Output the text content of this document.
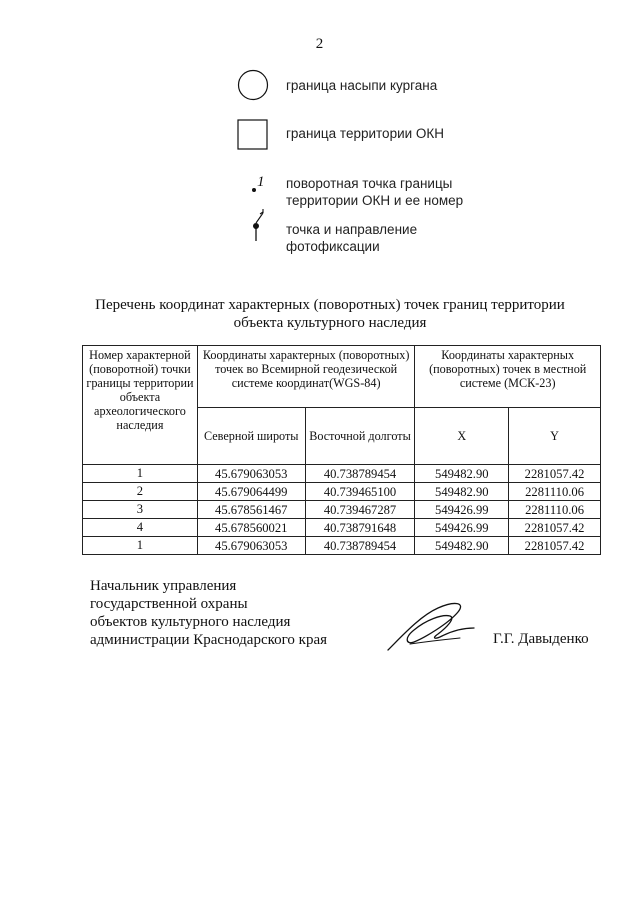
2
граница насыпи кургана
граница территории ОКН
1 поворотная точка границы
территории ОКН и ее номер
точка и направление
фотофиксации
Перечень координат характерных (поворотных) точек границ территории
объекта культурного наследия
Номер характерной (поворотной) точки границы территории объекта археологического наследия	Координаты характерных (поворотных) точек во Всемирной геодезической системе координат(WGS-84)		Координаты характерных (поворотных) точек в местной системе (МСК-23)	
	Северной широты	Восточной долготы	X	Y
1	45.679063053	40.738789454	549482.90	2281057.42
2	45.679064499	40.739465100	549482.90	2281110.06
3	45.678561467	40.739467287	549426.99	2281110.06
4	45.678560021	40.738791648	549426.99	2281057.42
1	45.679063053	40.738789454	549482.90	2281057.42
Начальник управления
государственной охраны
объектов культурного наследия
администрации Краснодарского края	Г.Г. Давыденко
